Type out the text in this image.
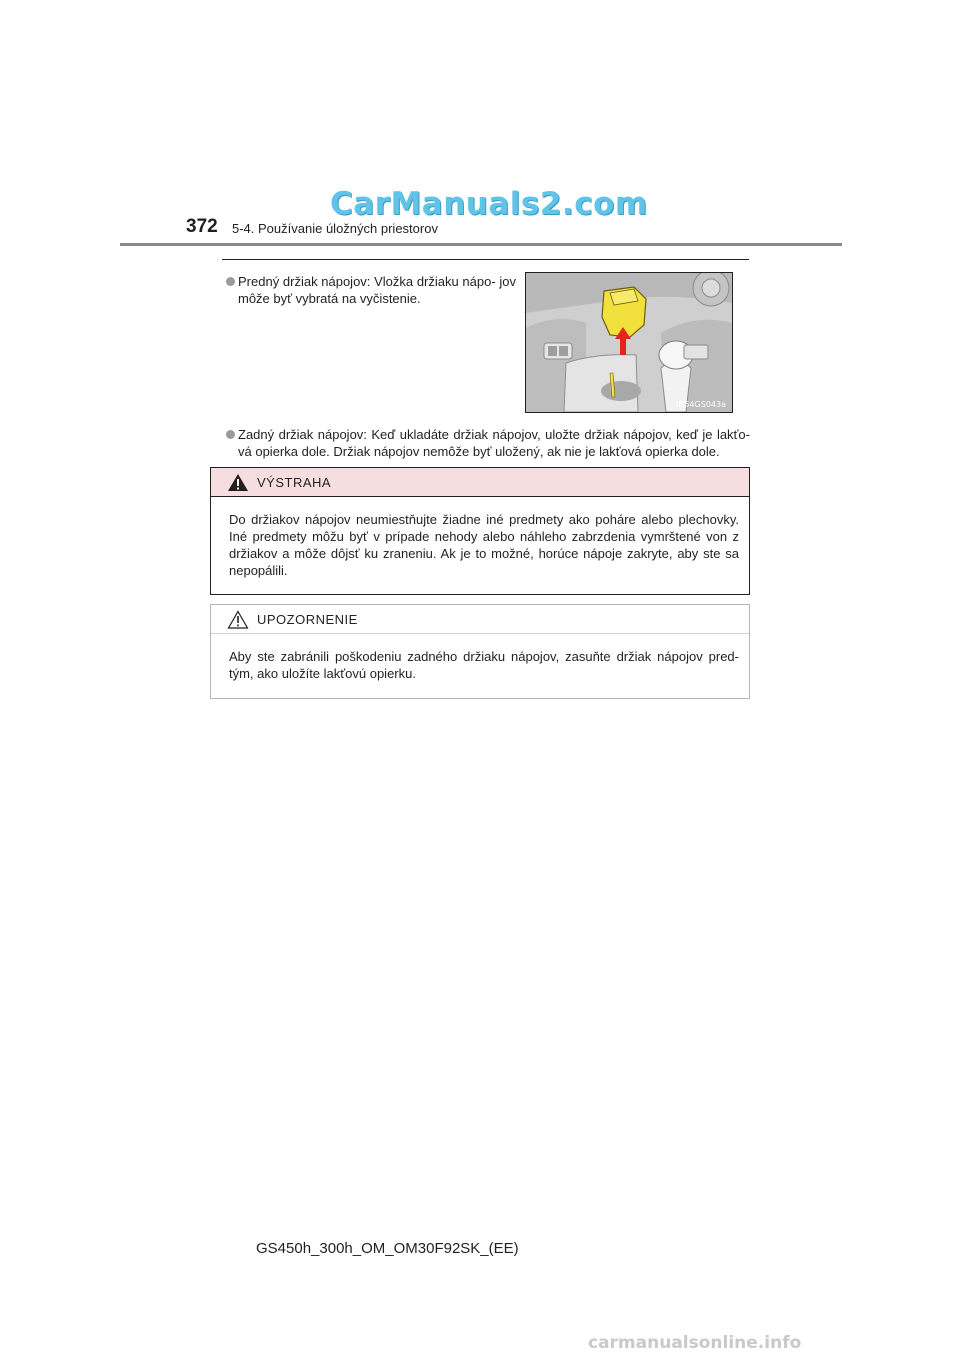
CarManuals2.com
372 5-4. Používanie úložných priestorov
Predný držiak nápojov: Vložka držiaku nápo- jov môže byť vybratá na vyčistenie.
IN54GS043a
Zadný držiak nápojov: Keď ukladáte držiak nápojov, uložte držiak nápojov, keď je lakťo- vá opierka dole. Držiak nápojov nemôže byť uložený, ak nie je lakťová opierka dole.
VÝSTRAHA
Do držiakov nápojov neumiestňujte žiadne iné predmety ako poháre alebo plechovky. Iné predmety môžu byť v prípade nehody alebo náhleho zabrzdenia vymrštené von z držiakov a môže dôjsť ku zraneniu. Ak je to možné, horúce nápoje zakryte, aby ste sa nepopálili.
UPOZORNENIE
Aby ste zabránili poškodeniu zadného držiaku nápojov, zasuňte držiak nápojov pred- tým, ako uložíte lakťovú opierku.
GS450h_300h_OM_OM30F92SK_(EE)
carmanualsonline.info
